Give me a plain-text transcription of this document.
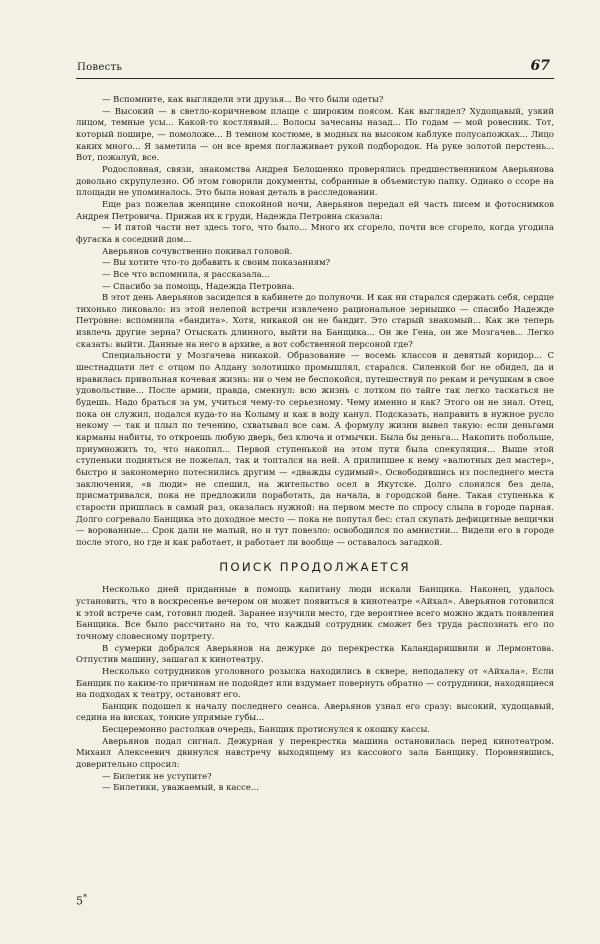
Повесть	67

— Вспомните, как выглядели эти друзья... Во что были одеты?

— Высокий — в светло-коричневом плаще с широким поясом. Как выглядел? Худощавый, узкий лицом, темные усы... Какой-то костлявый... Волосы зачесаны назад... По годам — мой ровесник. Тот, который пошире, — помоложе... В темном костюме, в модных на высоком каблуке полусапожках... Лицо каких много... Я заметила — он все время поглаживает рукой подбородок. На руке золотой перстень... Вот, пожалуй, все.

Родословная, связи, знакомства Андрея Белошенко проверялись предшественником Аверьянова довольно скрупулезно. Об этом говорили документы, собранные в объемистую папку. Однако о ссоре на площади не упоминалось. Это была новая деталь в расследовании.

Еще раз пожелав женщине спокойной ночи, Аверьянов передал ей часть писем и фотоснимков Андрея Петровича. Прижав их к груди, Надежда Петровна сказала:

— И пятой части нет здесь того, что было... Много их сгорело, почти все сгорело, когда угодила фугаска в соседний дом...

Аверьянов сочувственно покивал головой.

— Вы хотите что-то добавить к своим показаниям?

— Все что вспомнила, я рассказала...

— Спасибо за помощь, Надежда Петровна.

В этот день Аверьянов засиделся в кабинете до полуночи. И как ни старался сдержать себя, сердце тихонько ликовало: из этой нелепой встречи извлечено рациональное зернышко — спасибо Надежде Петровне: вспомнила «бандита». Хотя, никакой он не бандит. Это старый знакомый... Как же теперь извлечь другие зерна? Отыскать длинного, выйти на Банщика... Он же Гена, он же Мозгачев... Легко сказать: выйти. Данные на него в архиве, а вот собственной персоной где?

Специальности у Мозгачева никакой. Образование — восемь классов и девятый коридор... С шестнадцати лет с отцом по Алдану золотишко промышлял, старался. Силенкой бог не обидел, да и нравилась привольная кочевая жизнь: ни о чем не беспокойся, путешествуй по рекам и речушкам в свое удовольствие... После армии, правда, смекнул: всю жизнь с лотком по тайге так легко таскаться не будешь. Надо браться за ум, учиться чему-то серьезному. Чему именно и как? Этого он не знал. Отец, пока он служил, подался куда-то на Колыму и как в воду канул. Подсказать, направить в нужное русло некому — так и плыл по течению, схватывал все сам. А формулу жизни вывел такую: если деньгами карманы набиты, то откроешь любую дверь, без ключа и отмычки. Была бы деньга... Накопить побольше, приумножить то, что накопил... Первой ступенькой на этом пути была спекуляция... Выше этой ступеньки подняться не пожелал, так и топтался на ней. А прилипшее к нему «валютных дел мастер», быстро и закономерно потеснились другим — «дважды судимый». Освободившись из последнего места заключения, «в люди» не спешил, на жительство осел в Якутске. Долго слонялся без дела, присматривался, пока не предложили поработать, да начала, в городской бане. Такая ступенька к старости пришлась в самый раз, оказалась нужной: на первом месте по спросу слыла в городе парная. Долго согревало Банщика это доходное место — пока не попутал бес: стал скупать дефицитные вещички — ворованные... Срок дали не малый, но и тут повезло: освободился по амнистии... Видели его в городе после этого, но где и как работает, и работает ли вообще — оставалось загадкой.

ПОИСК ПРОДОЛЖАЕТСЯ

Несколько дней приданные в помощь капитану люди искали Банщика. Наконец, удалось установить, что в воскресенье вечером он может появиться в кинотеатре «Айхал». Аверьянов готовился к этой встрече сам, готовил людей. Заранее изучили место, где вероятнее всего можно ждать появления Банщика. Все было рассчитано на то, что каждый сотрудник сможет без труда распознать его по точному словесному портрету.

В сумерки добрался Аверьянов на дежурке до перекрестка Каландаришвили и Лермонтова. Отпустив машину, зашагал к кинотеатру.

Несколько сотрудников уголовного розыска находились в сквере, неподалеку от «Айхала». Если Банщик по каким-то причинам не подойдет или вздумает повернуть обратно — сотрудники, находящиеся на подходах к театру, остановят его.

Банщик подошел к началу последнего сеанса. Аверьянов узнал его сразу: высокий, худощавый, седина на висках, тонкие упрямые губы...

Бесцеремонно растолкав очередь, Банщик протиснулся к окошку кассы.

Аверьянов подал сигнал. Дежурная у перекрестка машина остановилась перед кинотеатром. Михаил Алексеевич двинулся навстречу выходящему из кассового зала Банщику. Поровнявшись, доверительно спросил:

— Билетик не уступите?

— Билетики, уважаемый, в кассе...

5*
